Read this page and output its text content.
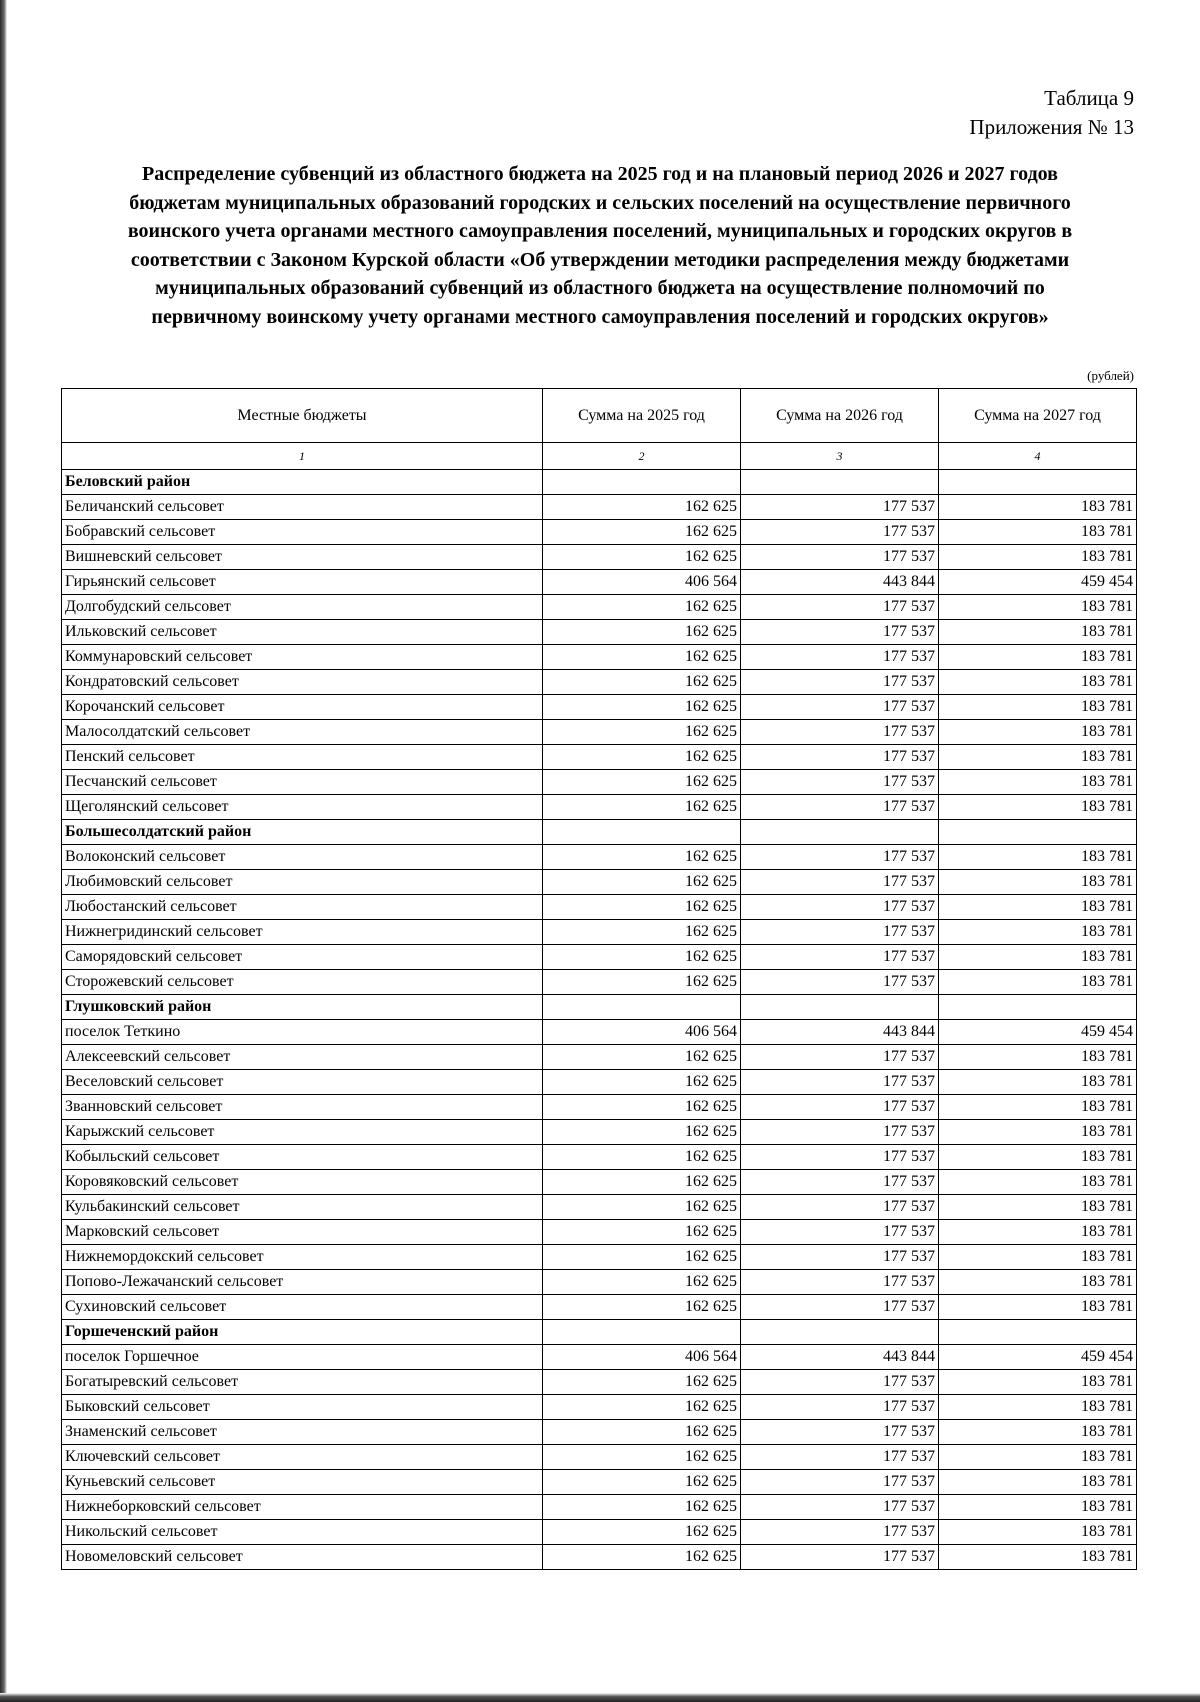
Таблица 9
Приложения № 13
Распределение субвенций из областного бюджета на 2025 год и на плановый период 2026 и 2027 годов
бюджетам муниципальных образований городских и сельских поселений на осуществление первичного
воинского учета органами местного самоуправления поселений, муниципальных и городских округов в
соответствии с Законом Курской области «Об утверждении методики распределения между бюджетами
муниципальных образований субвенций из областного бюджета на осуществление полномочий по
первичному воинскому учету органами местного самоуправления поселений и городских округов»
(рублей)
Местные бюджеты	Сумма на 2025 год	Сумма на 2026 год	Сумма на 2027 год
1	2	3	4
Беловский район			
Беличанский сельсовет	162 625	177 537	183 781
Бобравский сельсовет	162 625	177 537	183 781
Вишневский сельсовет	162 625	177 537	183 781
Гирьянский сельсовет	406 564	443 844	459 454
Долгобудский сельсовет	162 625	177 537	183 781
Ильковский сельсовет	162 625	177 537	183 781
Коммунаровский сельсовет	162 625	177 537	183 781
Кондратовский сельсовет	162 625	177 537	183 781
Корочанский сельсовет	162 625	177 537	183 781
Малосолдатский сельсовет	162 625	177 537	183 781
Пенский сельсовет	162 625	177 537	183 781
Песчанский сельсовет	162 625	177 537	183 781
Щеголянский сельсовет	162 625	177 537	183 781
Большесолдатский район			
Волоконский сельсовет	162 625	177 537	183 781
Любимовский сельсовет	162 625	177 537	183 781
Любостанский сельсовет	162 625	177 537	183 781
Нижнегридинский сельсовет	162 625	177 537	183 781
Саморядовский сельсовет	162 625	177 537	183 781
Сторожевский сельсовет	162 625	177 537	183 781
Глушковский район			
поселок Теткино	406 564	443 844	459 454
Алексеевский сельсовет	162 625	177 537	183 781
Веселовский сельсовет	162 625	177 537	183 781
Званновский сельсовет	162 625	177 537	183 781
Карыжский сельсовет	162 625	177 537	183 781
Кобыльский сельсовет	162 625	177 537	183 781
Коровяковский сельсовет	162 625	177 537	183 781
Кульбакинский сельсовет	162 625	177 537	183 781
Марковский сельсовет	162 625	177 537	183 781
Нижнемордокский сельсовет	162 625	177 537	183 781
Попово-Лежачанский сельсовет	162 625	177 537	183 781
Сухиновский сельсовет	162 625	177 537	183 781
Горшеченский район			
поселок Горшечное	406 564	443 844	459 454
Богатыревский сельсовет	162 625	177 537	183 781
Быковский сельсовет	162 625	177 537	183 781
Знаменский сельсовет	162 625	177 537	183 781
Ключевский сельсовет	162 625	177 537	183 781
Куньевский сельсовет	162 625	177 537	183 781
Нижнеборковский сельсовет	162 625	177 537	183 781
Никольский сельсовет	162 625	177 537	183 781
Новомеловский сельсовет	162 625	177 537	183 781
